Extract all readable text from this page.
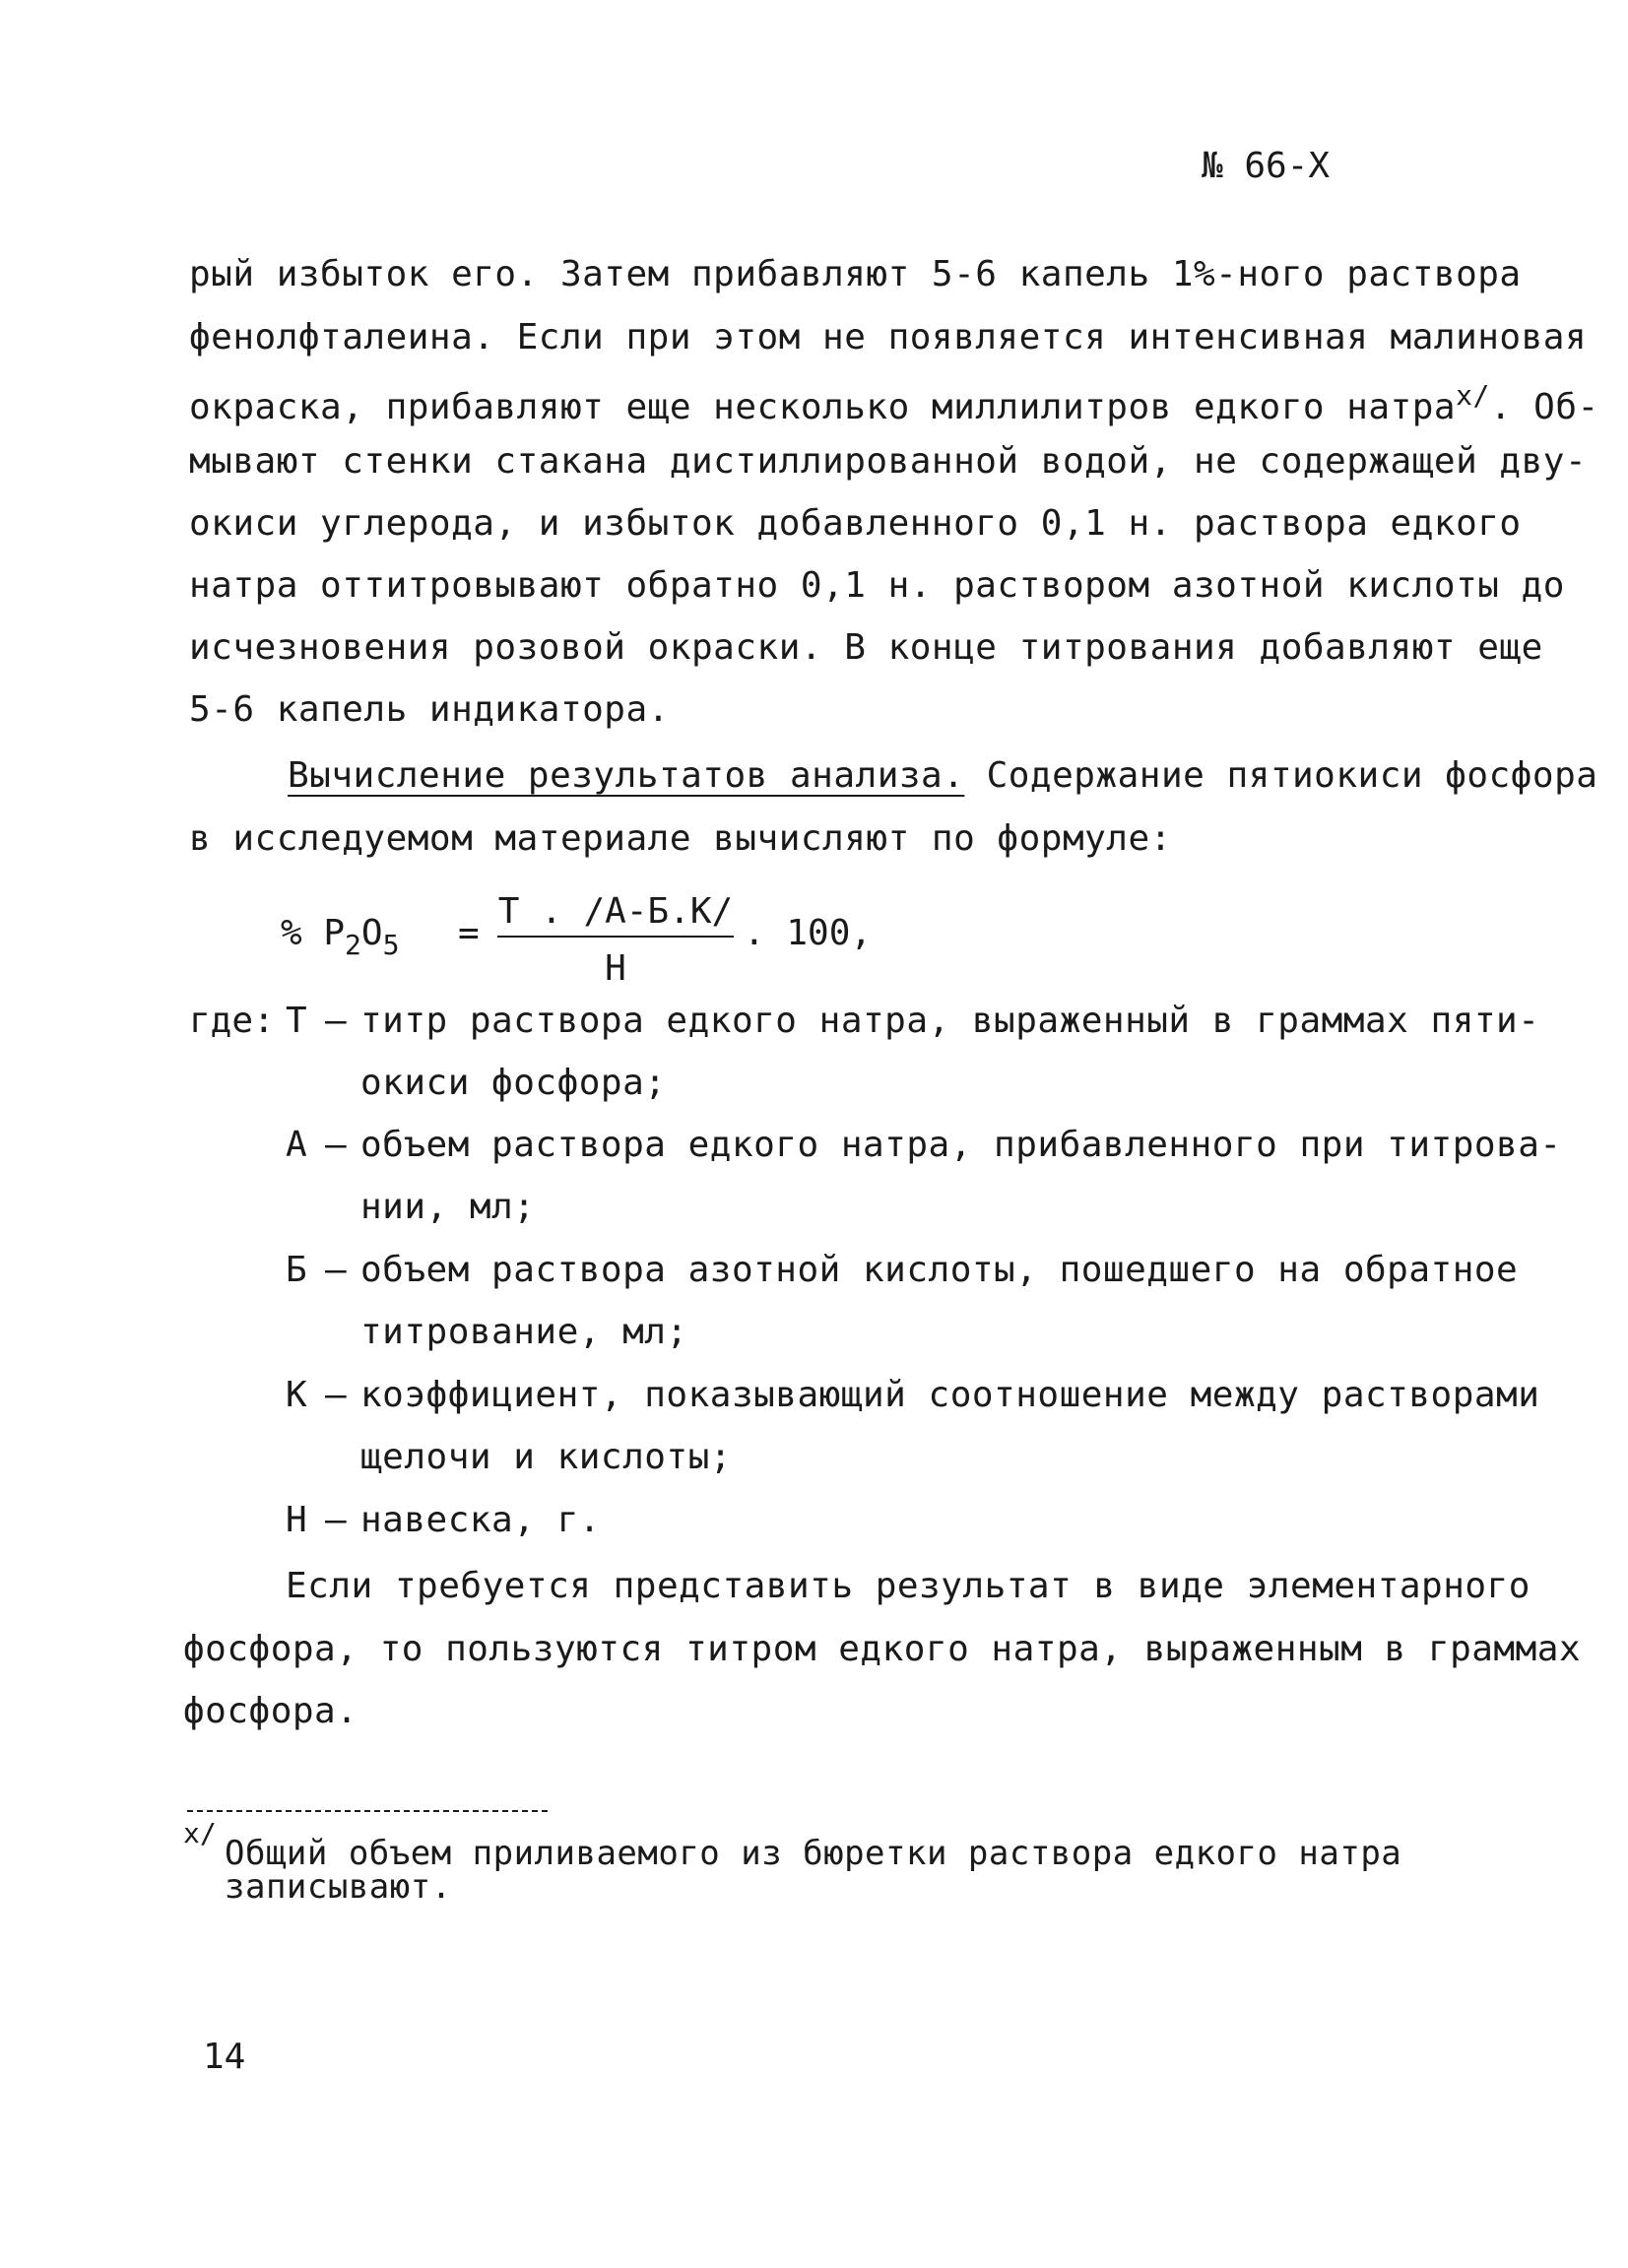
№ 66-Х
рый избыток его. Затем прибавляют 5-6 капель 1%-ного раствора
фенолфталеина. Если при этом не появляется интенсивная малиновая
окраска, прибавляют еще несколько миллилитров едкого натра$^{х/}$. Об-
мывают стенки стакана дистиллированной водой, не содержащей дву-
окиси углерода, и избыток добавленного 0,1 н. раствора едкого
натра оттитровывают обратно 0,1 н. раствором азотной кислоты до
исчезновения розовой окраски. В конце титрования добавляют еще
5-6 капель индикатора.
Вычисление результатов анализа. Содержание пятиокиси фосфора
в исследуемом материале вычисляют по формуле:
% $Р_2О_5$ =
Т . /А-Б.К/
Н
. 100,
где: Т – титр раствора едкого натра, выраженный в граммах пяти-
окиси фосфора;
А – объем раствора едкого натра, прибавленного при титрова-
нии, мл;
Б – объем раствора азотной кислоты, пошедшего на обратное
титрование, мл;
К – коэффициент, показывающий соотношение между растворами
щелочи и кислоты;
Н – навеска, г.
Если требуется представить результат в виде элементарного
фосфора, то пользуются титром едкого натра, выраженным в граммах
фосфора.
х/
Общий объем приливаемого из бюретки раствора едкого натра
записывают.
14
